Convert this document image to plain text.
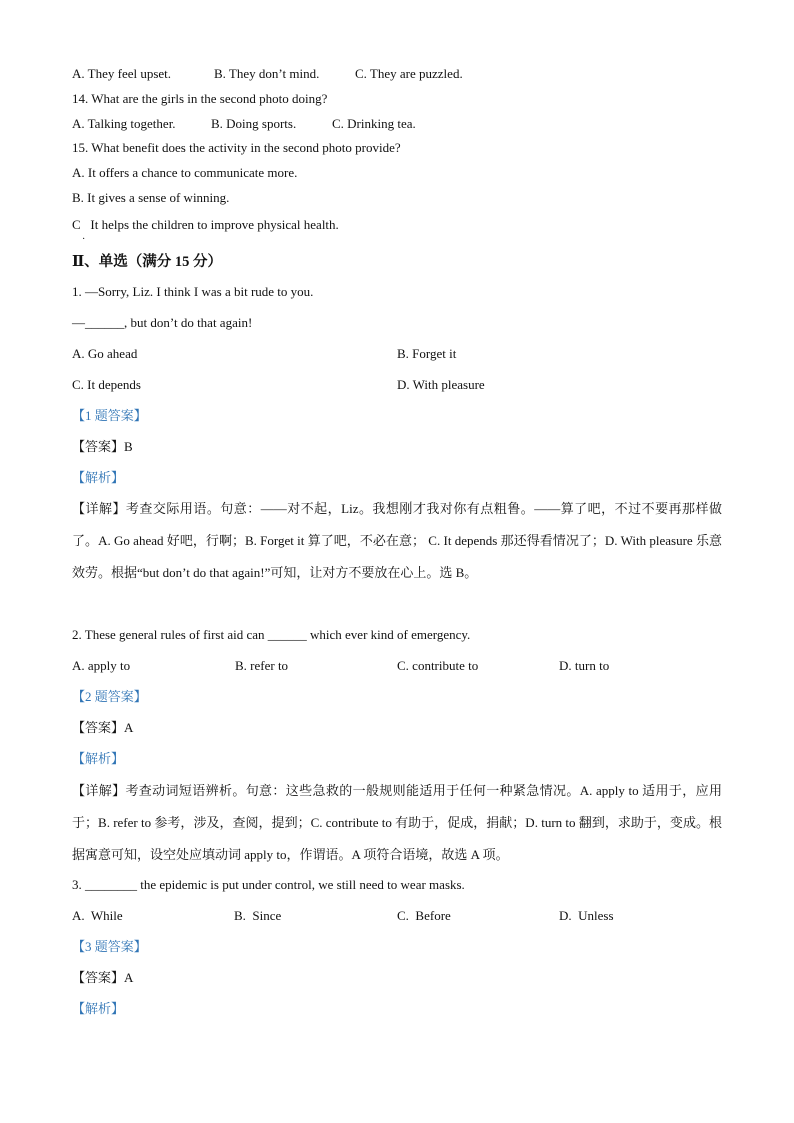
A. They feel upset.	B. They don’t mind.	C. They are puzzled.
14. What are the girls in the second photo doing?
A. Talking together.	B. Doing sports.	C. Drinking tea.
15. What benefit does the activity in the second photo provide?
A. It offers a chance to communicate more.
B. It gives a sense of winning.
C   It helps the children to improve physical health.
·
Ⅱ、单选（满分 15 分）
1. —Sorry, Liz. I think I was a bit rude to you.
—______, but don’t do that again!
A. Go ahead	B. Forget it
C. It depends	D. With pleasure
【1 题答案】
【答案】B
【解析】
【详解】考查交际用语。句意：——对不起，Liz。我想刚才我对你有点粗鲁。——算了吧，不过不要再那样做了。A. Go ahead 好吧，行啊；B. Forget it 算了吧，不必在意； C. It depends 那还得看情况了；D. With pleasure 乐意效劳。根据“but don’t do that again!”可知，让对方不要放在心上。选 B。
2. These general rules of first aid can ______ which ever kind of emergency.
A. apply to	B. refer to	C. contribute to	D. turn to
【2 题答案】
【答案】A
【解析】
【详解】考查动词短语辨析。句意：这些急救的一般规则能适用于任何一种紧急情况。A. apply to 适用于，应用于；B. refer to 参考，涉及，查阅，提到；C. contribute to 有助于，促成，捐献；D. turn to 翻到，求助于，变成。根据寓意可知，设空处应填动词 apply to，作谓语。A 项符合语境，故选 A 项。
3. ________ the epidemic is put under control, we still need to wear masks.
A.  While	B.  Since	C.  Before	D.  Unless
【3 题答案】
【答案】A
【解析】
